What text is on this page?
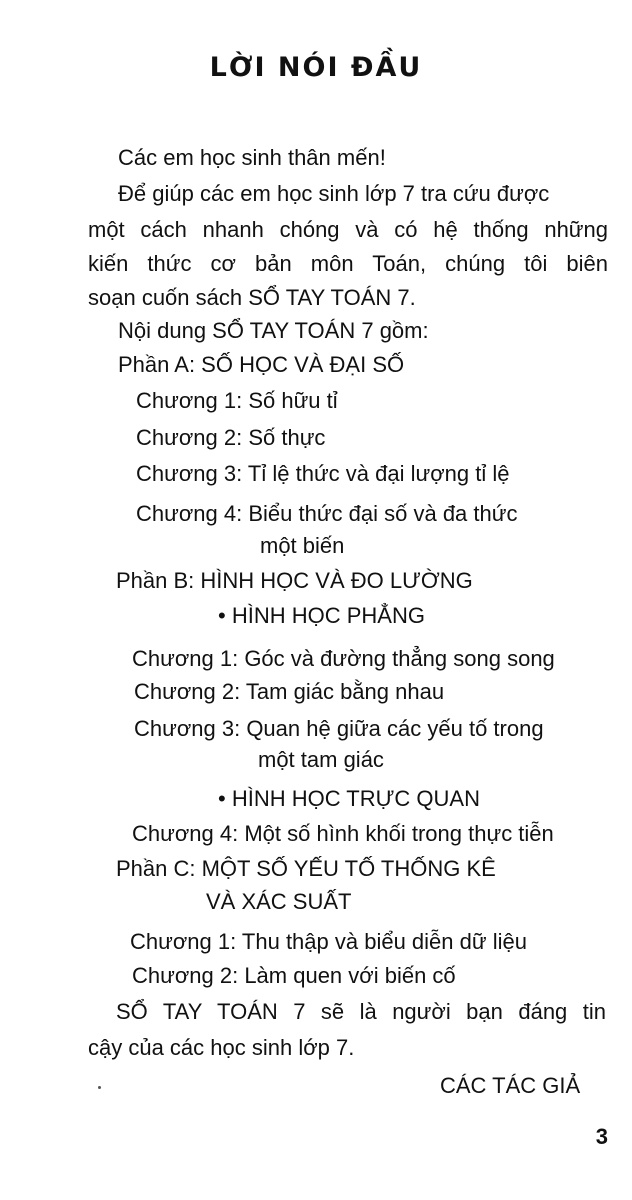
LỜI NÓI ĐẦU
Các em học sinh thân mến!
Để giúp các em học sinh lớp 7 tra cứu được
một cách nhanh chóng và có hệ thống những
kiến thức cơ bản môn Toán, chúng tôi biên
soạn cuốn sách SỔ TAY TOÁN 7.
Nội dung SỔ TAY TOÁN 7 gồm:
Phần A: SỐ HỌC VÀ ĐẠI SỐ
Chương 1: Số hữu tỉ
Chương 2: Số thực
Chương 3: Tỉ lệ thức và đại lượng tỉ lệ
Chương 4: Biểu thức đại số và đa thức
một biến
Phần B: HÌNH HỌC VÀ ĐO LƯỜNG
• HÌNH HỌC PHẲNG
Chương 1: Góc và đường thẳng song song
Chương 2: Tam giác bằng nhau
Chương 3: Quan hệ giữa các yếu tố trong
một tam giác
• HÌNH HỌC TRỰC QUAN
Chương 4: Một số hình khối trong thực tiễn
Phần C: MỘT SỐ YẾU TỐ THỐNG KÊ
VÀ XÁC SUẤT
Chương 1: Thu thập và biểu diễn dữ liệu
Chương 2: Làm quen với biến cố
SỔ TAY TOÁN 7 sẽ là người bạn đáng tin
cậy của các học sinh lớp 7.
CÁC TÁC GIẢ
3
